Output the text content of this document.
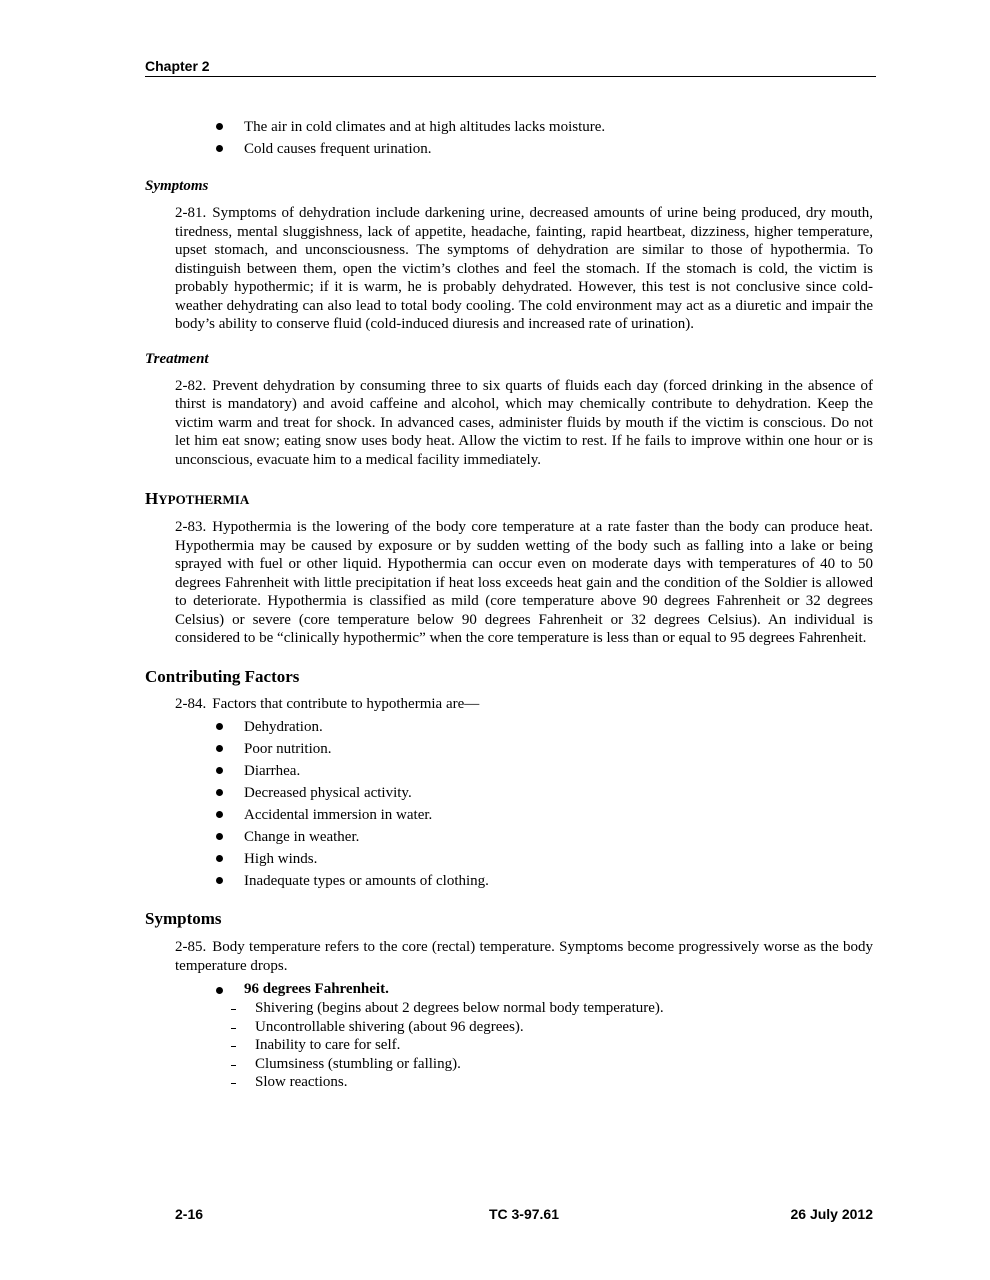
Chapter 2
The air in cold climates and at high altitudes lacks moisture.
Cold causes frequent urination.
Symptoms
2-81. Symptoms of dehydration include darkening urine, decreased amounts of urine being produced, dry mouth, tiredness, mental sluggishness, lack of appetite, headache, fainting, rapid heartbeat, dizziness, higher temperature, upset stomach, and unconsciousness. The symptoms of dehydration are similar to those of hypothermia. To distinguish between them, open the victim’s clothes and feel the stomach. If the stomach is cold, the victim is probably hypothermic; if it is warm, he is probably dehydrated. However, this test is not conclusive since cold-weather dehydrating can also lead to total body cooling. The cold environment may act as a diuretic and impair the body’s ability to conserve fluid (cold-induced diuresis and increased rate of urination).
Treatment
2-82. Prevent dehydration by consuming three to six quarts of fluids each day (forced drinking in the absence of thirst is mandatory) and avoid caffeine and alcohol, which may chemically contribute to dehydration. Keep the victim warm and treat for shock. In advanced cases, administer fluids by mouth if the victim is conscious. Do not let him eat snow; eating snow uses body heat. Allow the victim to rest. If he fails to improve within one hour or is unconscious, evacuate him to a medical facility immediately.
HYPOTHERMIA
2-83. Hypothermia is the lowering of the body core temperature at a rate faster than the body can produce heat. Hypothermia may be caused by exposure or by sudden wetting of the body such as falling into a lake or being sprayed with fuel or other liquid. Hypothermia can occur even on moderate days with temperatures of 40 to 50 degrees Fahrenheit with little precipitation if heat loss exceeds heat gain and the condition of the Soldier is allowed to deteriorate. Hypothermia is classified as mild (core temperature above 90 degrees Fahrenheit or 32 degrees Celsius) or severe (core temperature below 90 degrees Fahrenheit or 32 degrees Celsius). An individual is considered to be “clinically hypothermic” when the core temperature is less than or equal to 95 degrees Fahrenheit.
Contributing Factors
2-84. Factors that contribute to hypothermia are—
Dehydration.
Poor nutrition.
Diarrhea.
Decreased physical activity.
Accidental immersion in water.
Change in weather.
High winds.
Inadequate types or amounts of clothing.
Symptoms
2-85. Body temperature refers to the core (rectal) temperature. Symptoms become progressively worse as the body temperature drops.
96 degrees Fahrenheit.
Shivering (begins about 2 degrees below normal body temperature).
Uncontrollable shivering (about 96 degrees).
Inability to care for self.
Clumsiness (stumbling or falling).
Slow reactions.
2-16	TC 3-97.61	26 July 2012
